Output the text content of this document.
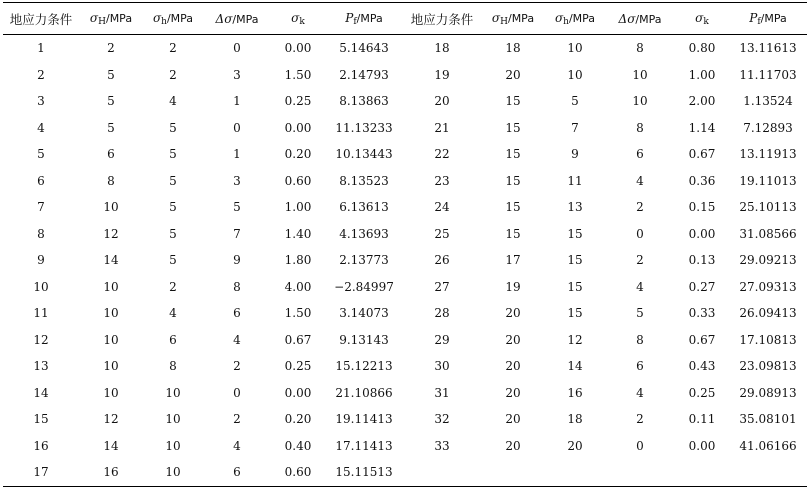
地应力条件	$\sigma_H$/MPa	$\sigma_h$/MPa	Δσ/MPa	$\sigma_k$	$P_f$/MPa	地应力条件	$\sigma_H$/MPa	$\sigma_h$/MPa	Δσ/MPa	$\sigma_k$	$P_f$/MPa
1	2	2	0	0.00	5.14643	18	18	10	8	0.80	13.11613
2	5	2	3	1.50	2.14793	19	20	10	10	1.00	11.11703
3	5	4	1	0.25	8.13863	20	15	5	10	2.00	1.13524
4	5	5	0	0.00	11.13233	21	15	7	8	1.14	7.12893
5	6	5	1	0.20	10.13443	22	15	9	6	0.67	13.11913
6	8	5	3	0.60	8.13523	23	15	11	4	0.36	19.11013
7	10	5	5	1.00	6.13613	24	15	13	2	0.15	25.10113
8	12	5	7	1.40	4.13693	25	15	15	0	0.00	31.08566
9	14	5	9	1.80	2.13773	26	17	15	2	0.13	29.09213
10	10	2	8	4.00	−2.84997	27	19	15	4	0.27	27.09313
11	10	4	6	1.50	3.14073	28	20	15	5	0.33	26.09413
12	10	6	4	0.67	9.13143	29	20	12	8	0.67	17.10813
13	10	8	2	0.25	15.12213	30	20	14	6	0.43	23.09813
14	10	10	0	0.00	21.10866	31	20	16	4	0.25	29.08913
15	12	10	2	0.20	19.11413	32	20	18	2	0.11	35.08101
16	14	10	4	0.40	17.11413	33	20	20	0	0.00	41.06166
17	16	10	6	0.60	15.11513						
